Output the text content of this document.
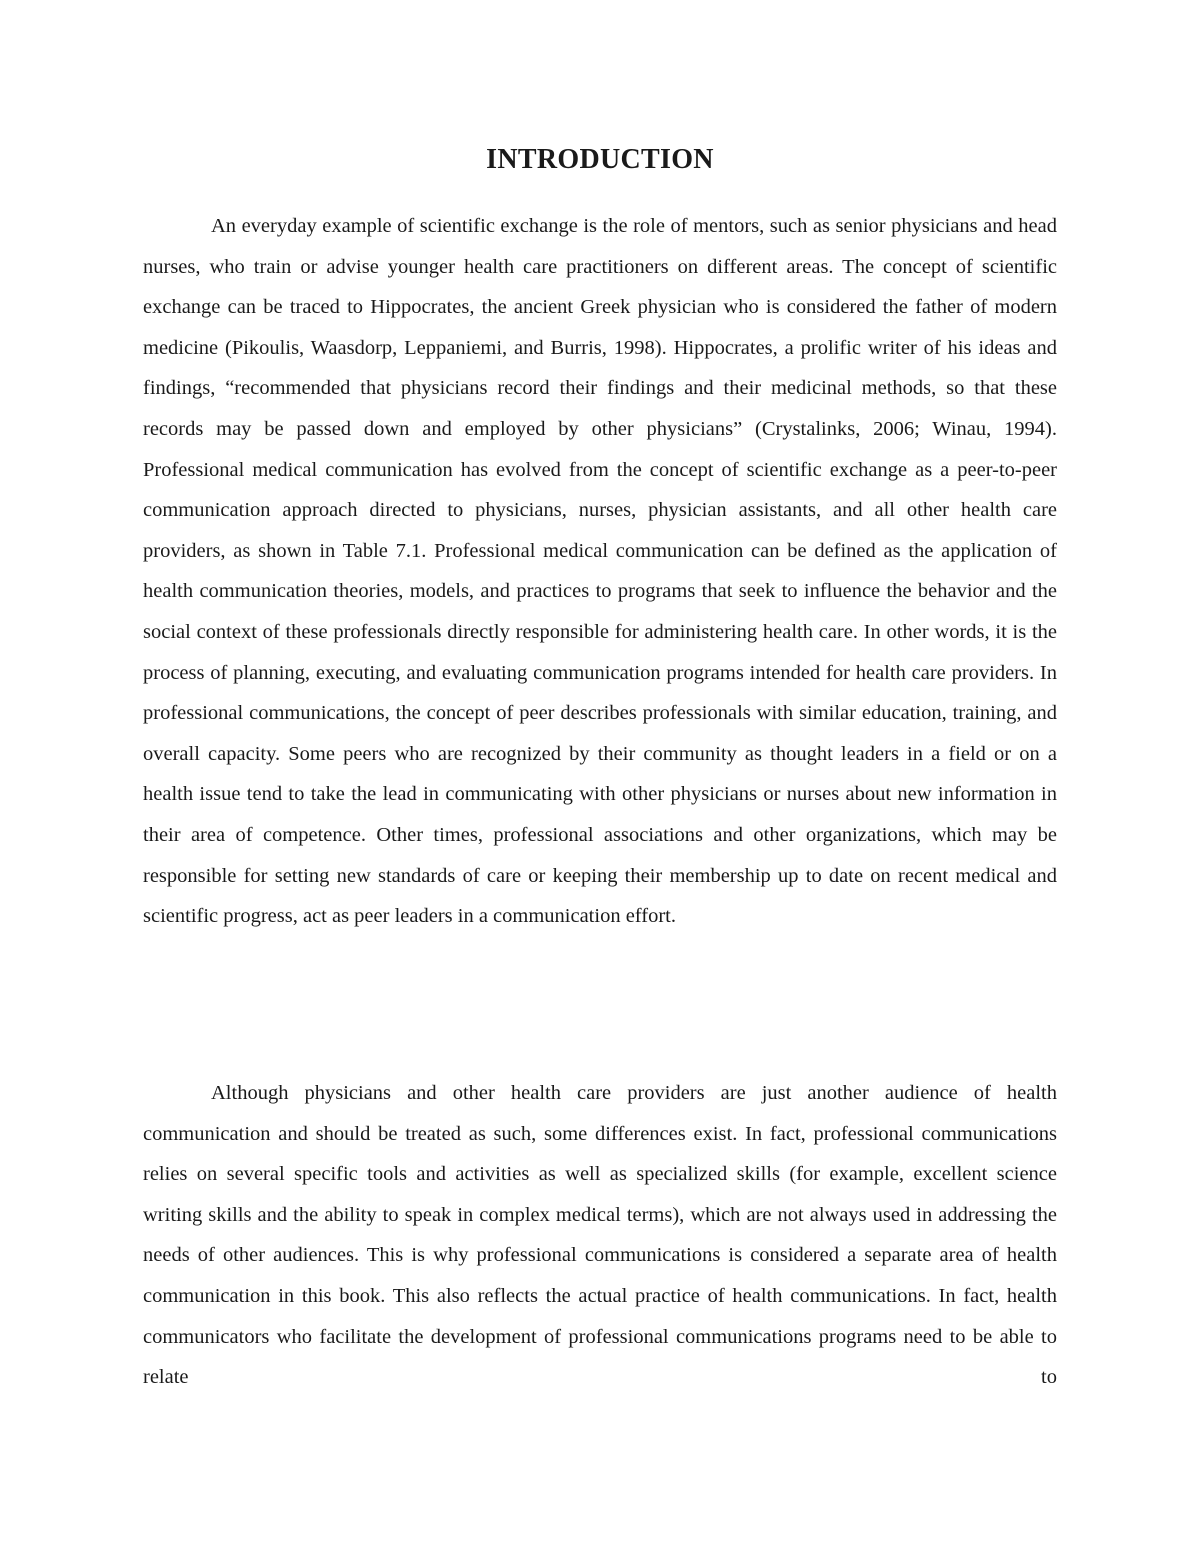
INTRODUCTION

An everyday example of scientific exchange is the role of mentors, such as senior physicians and head nurses, who train or advise younger health care practitioners on different areas. The concept of scientific exchange can be traced to Hippocrates, the ancient Greek physician who is considered the father of modern medicine (Pikoulis, Waasdorp, Leppaniemi, and Burris, 1998). Hippocrates, a prolific writer of his ideas and findings, “recommended that physicians record their findings and their medicinal methods, so that these records may be passed down and employed by other physicians” (Crystalinks, 2006; Winau, 1994). Professional medical communication has evolved from the concept of scientific exchange as a peer-to-peer communication approach directed to physicians, nurses, physician assistants, and all other health care providers, as shown in Table 7.1. Professional medical communication can be defined as the application of health communication theories, models, and practices to programs that seek to influence the behavior and the social context of these professionals directly responsible for administering health care. In other words, it is the process of planning, executing, and evaluating communication programs intended for health care providers. In professional communications, the concept of peer describes professionals with similar education, training, and overall capacity. Some peers who are recognized by their community as thought leaders in a field or on a health issue tend to take the lead in communicating with other physicians or nurses about new information in their area of competence. Other times, professional associations and other organizations, which may be responsible for setting new standards of care or keeping their membership up to date on recent medical and scientific progress, act as peer leaders in a communication effort.

Although physicians and other health care providers are just another audience of health communication and should be treated as such, some differences exist. In fact, professional communications relies on several specific tools and activities as well as specialized skills (for example, excellent science writing skills and the ability to speak in complex medical terms), which are not always used in addressing the needs of other audiences. This is why professional communications is considered a separate area of health communication in this book. This also reflects the actual practice of health communications. In fact, health communicators who facilitate the development of professional communications programs need to be able to relate to
